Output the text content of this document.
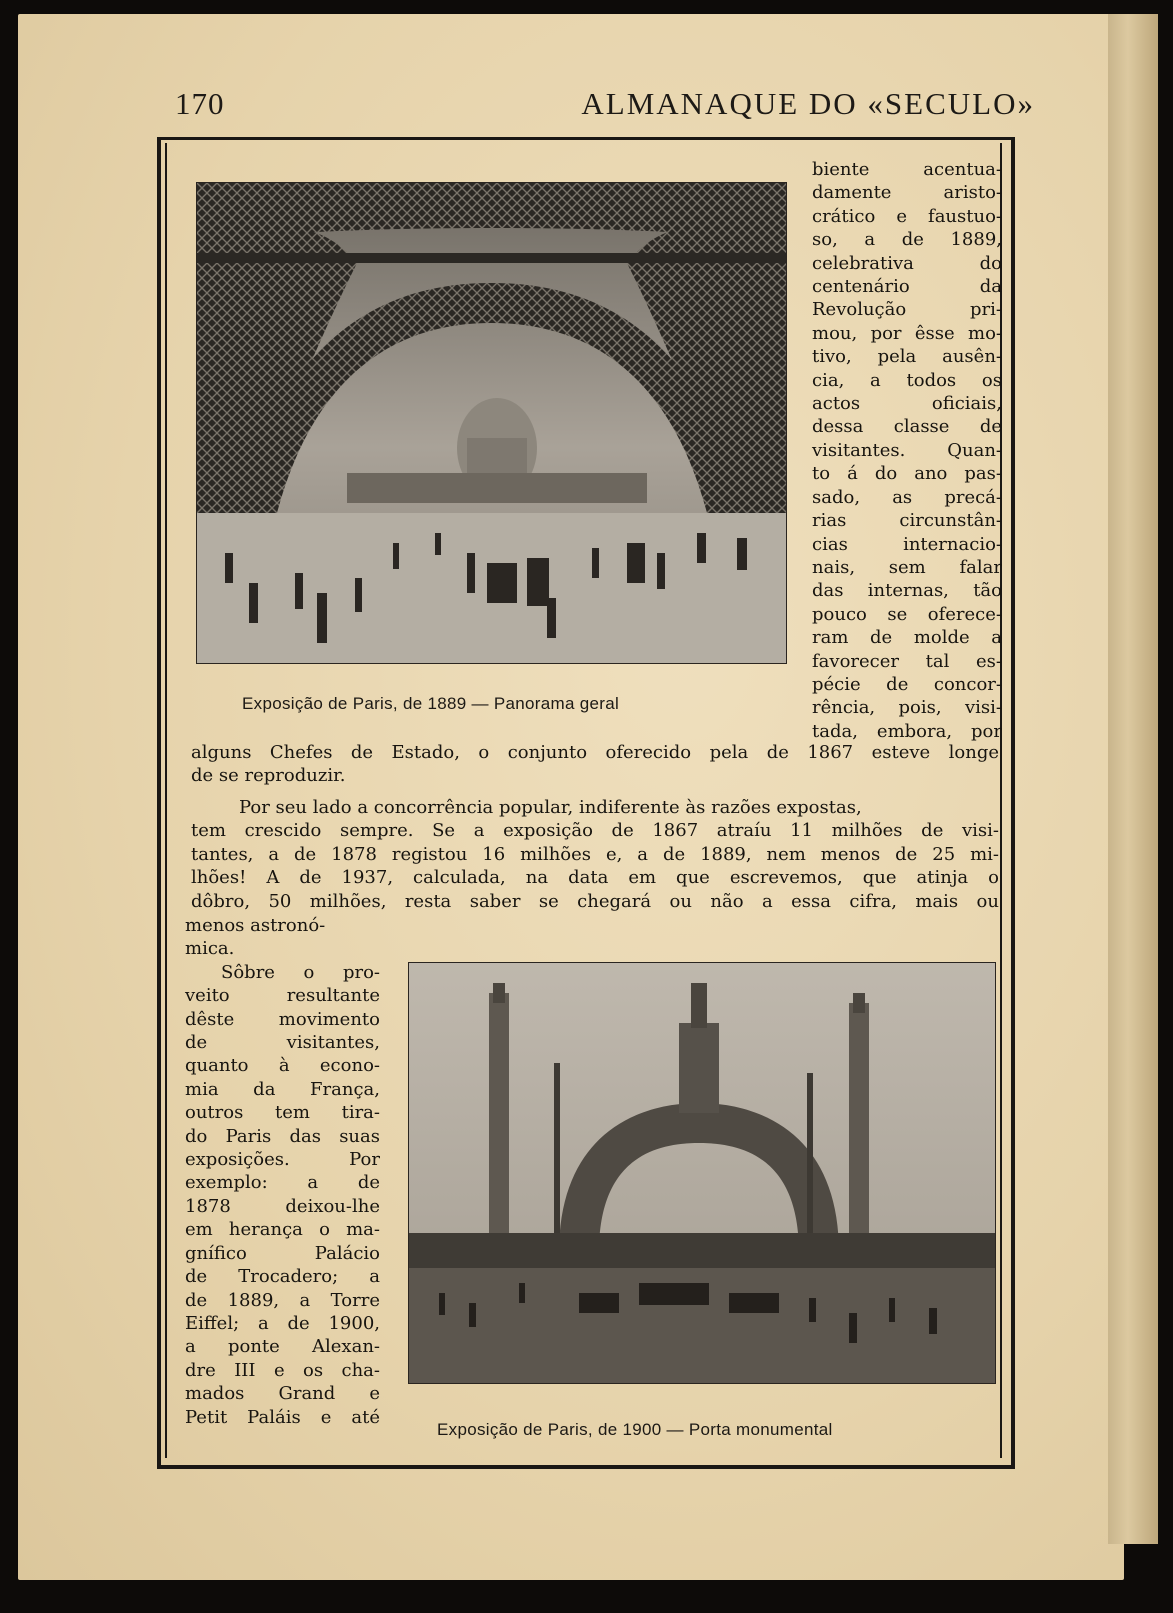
170	ALMANAQUE DO «SECULO»
Exposição de Paris, de 1889 — Panorama geral
Exposição de Paris, de 1900 — Porta monumental
biente acentua-
damente aristo-
crático e faustuo-
so, a de 1889,
celebrativa do
centenário da
Revolução pri-
mou, por êsse mo-
tivo, pela ausên-
cia, a todos os
actos oficiais,
dessa classe de
visitantes. Quan-
to á do ano pas-
sado, as precá-
rias circunstân-
cias internacio-
nais, sem falar
das internas, tão
pouco se oferece-
ram de molde a
favorecer tal es-
pécie de concor-
rência, pois, visi-
tada, embora, por
alguns Chefes de Estado, o conjunto oferecido pela de 1867 esteve longe
de se reproduzir.
Por seu lado a concorrência popular, indiferente às razões expostas,
tem crescido sempre. Se a exposição de 1867 atraíu 11 milhões de visi-
tantes, a de 1878 registou 16 milhões e, a de 1889, nem menos de 25 mi-
lhões! A de 1937, calculada, na data em que escrevemos, que atinja o
dôbro, 50 milhões, resta saber se chegará ou não a essa cifra, mais ou
menos astronó-
mica.
Sôbre o pro-
veito resultante
dêste movimento
de visitantes,
quanto à econo-
mia da França,
outros tem tira-
do Paris das suas
exposições. Por
exemplo: a de
1878 deixou-lhe
em herança o ma-
gnífico Palácio
de Trocadero; a
de 1889, a Torre
Eiffel; a de 1900,
a ponte Alexan-
dre III e os cha-
mados Grand e
Petit Paláis e até
